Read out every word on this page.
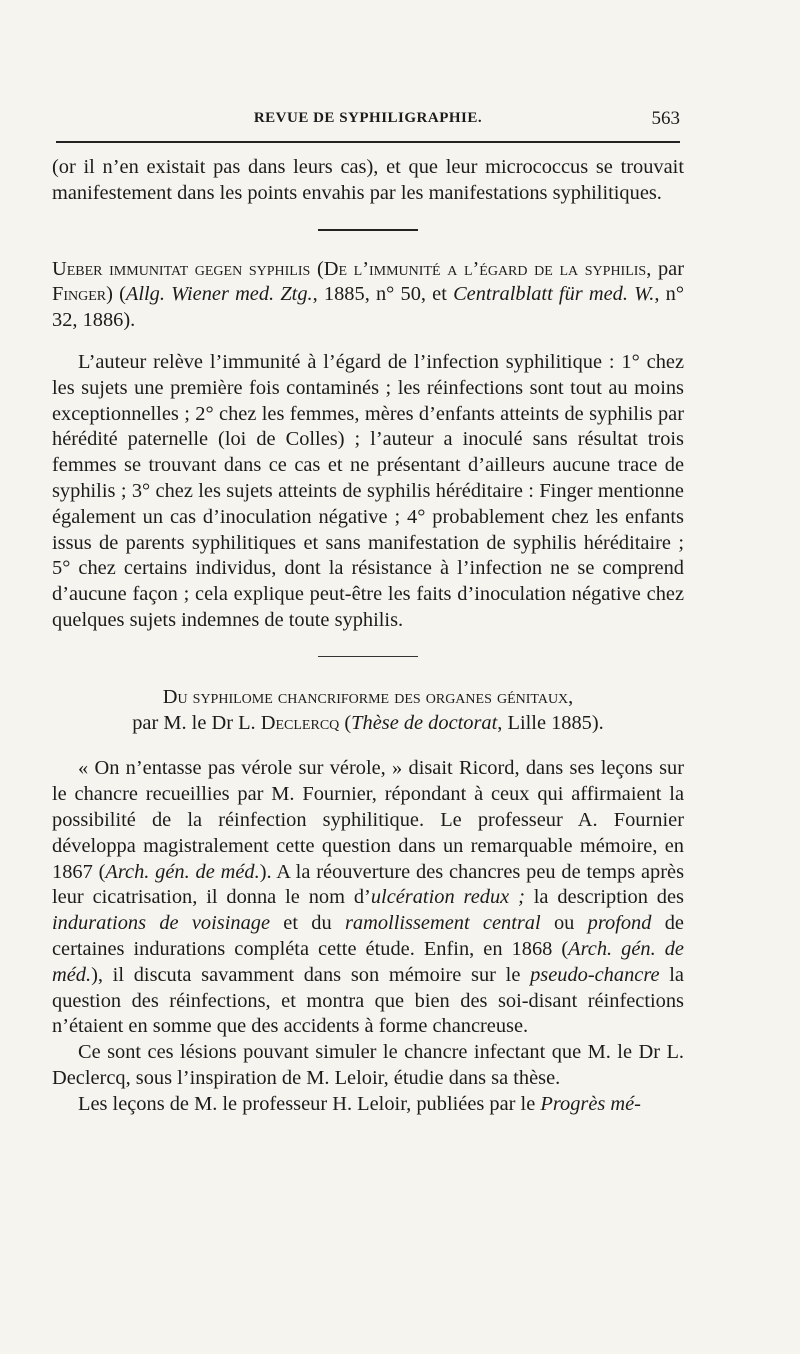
REVUE DE SYPHILIGRAPHIE.	563

(or il n’en existait pas dans leurs cas), et que leur micrococcus se trouvait manifestement dans les points envahis par les manifestations syphilitiques.

Ueber immunitat gegen syphilis (De l’immunité a l’égard de la syphilis, par Finger) (Allg. Wiener med. Ztg., 1885, n° 50, et Centralblatt für med. W., n° 32, 1886).

L’auteur relève l’immunité à l’égard de l’infection syphilitique : 1° chez les sujets une première fois contaminés ; les réinfections sont tout au moins exceptionnelles ; 2° chez les femmes, mères d’enfants atteints de syphilis par hérédité paternelle (loi de Colles) ; l’auteur a inoculé sans résultat trois femmes se trouvant dans ce cas et ne présentant d’ailleurs aucune trace de syphilis ; 3° chez les sujets atteints de syphilis héréditaire : Finger mentionne également un cas d’inoculation négative ; 4° probablement chez les enfants issus de parents syphilitiques et sans manifestation de syphilis héréditaire ; 5° chez certains individus, dont la résistance à l’infection ne se comprend d’aucune façon ; cela explique peut-être les faits d’inoculation négative chez quelques sujets indemnes de toute syphilis.

Du syphilome chancriforme des organes génitaux,
par M. le Dr L. Declercq (Thèse de doctorat, Lille 1885).

« On n’entasse pas vérole sur vérole, » disait Ricord, dans ses leçons sur le chancre recueillies par M. Fournier, répondant à ceux qui affirmaient la possibilité de la réinfection syphilitique. Le professeur A. Fournier développa magistralement cette question dans un remarquable mémoire, en 1867 (Arch. gén. de méd.). A la réouverture des chancres peu de temps après leur cicatrisation, il donna le nom d’ulcération redux ; la description des indurations de voisinage et du ramollissement central ou profond de certaines indurations compléta cette étude. Enfin, en 1868 (Arch. gén. de méd.), il discuta savamment dans son mémoire sur le pseudo-chancre la question des réinfections, et montra que bien des soi-disant réinfections n’étaient en somme que des accidents à forme chancreuse.

Ce sont ces lésions pouvant simuler le chancre infectant que M. le Dr L. Declercq, sous l’inspiration de M. Leloir, étudie dans sa thèse.

Les leçons de M. le professeur H. Leloir, publiées par le Progrès mé-
